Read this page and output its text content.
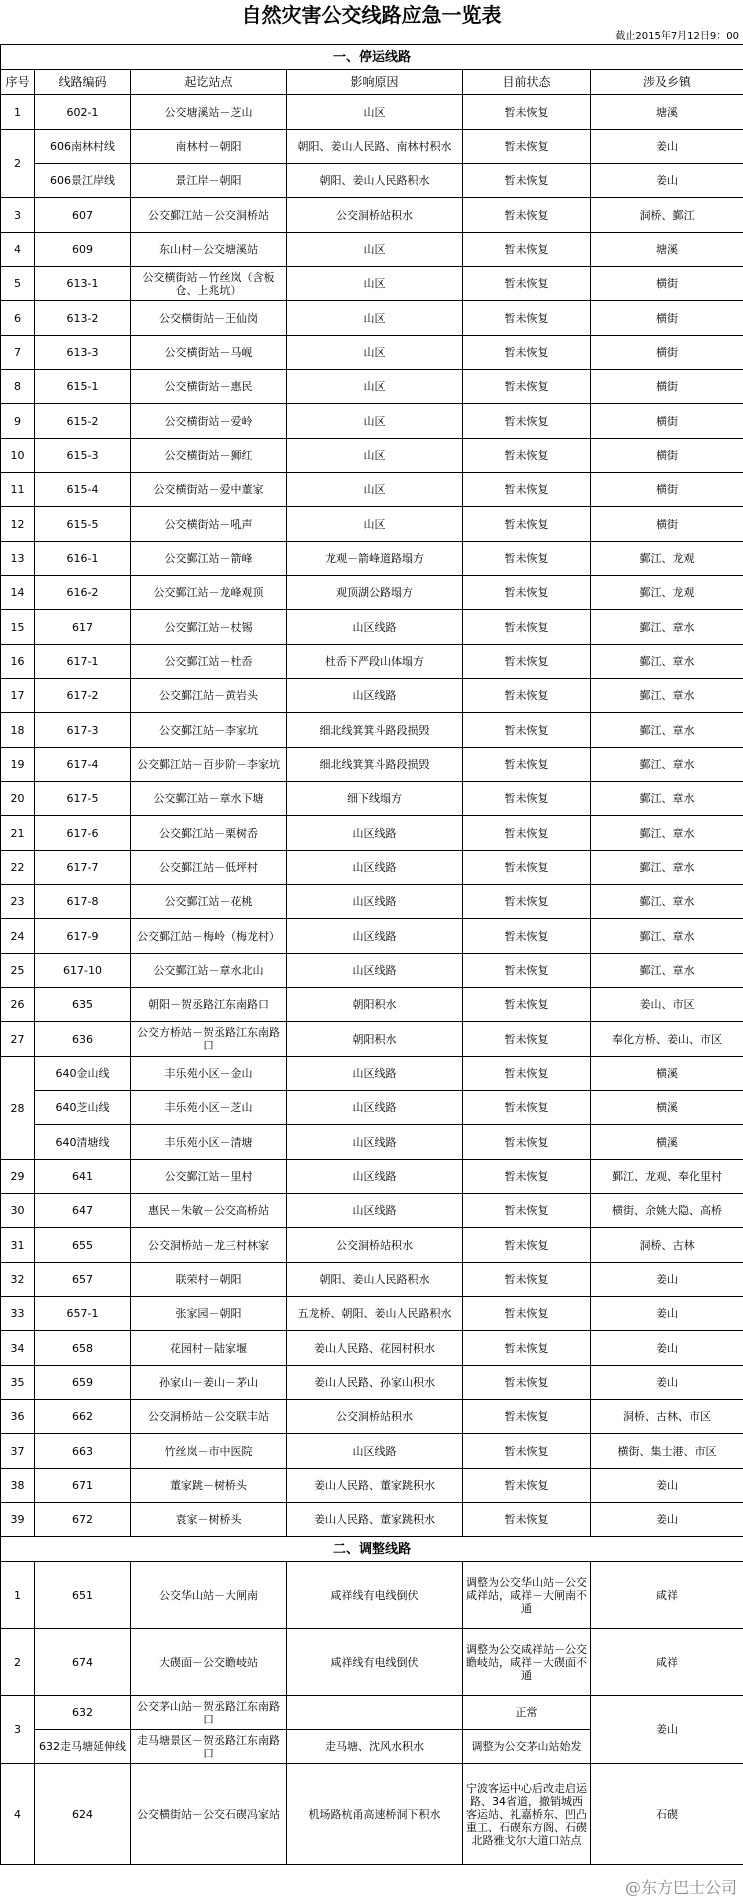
自然灾害公交线路应急一览表
截止2015年7月12日9：00
一、停运线路					
序号	线路编码	起讫站点	影响原因	目前状态	涉及乡镇
1	602-1	公交塘溪站－芝山	山区	暂未恢复	塘溪
2	606南林村线	南林村－朝阳	朝阳、姜山人民路、南林村积水	暂未恢复	姜山
	606景江岸线	景江岸－朝阳	朝阳、姜山人民路积水	暂未恢复	姜山
3	607	公交鄞江站－公交洞桥站	公交洞桥站积水	暂未恢复	洞桥、鄞江
4	609	东山村－公交塘溪站	山区	暂未恢复	塘溪
5	613-1	公交横街站－竹丝岚（含板仓、上兆坑）	山区	暂未恢复	横街
6	613-2	公交横街站－王仙岗	山区	暂未恢复	横街
7	613-3	公交横街站－马岘	山区	暂未恢复	横街
8	615-1	公交横街站－惠民	山区	暂未恢复	横街
9	615-2	公交横街站－爱岭	山区	暂未恢复	横街
10	615-3	公交横街站－狮红	山区	暂未恢复	横街
11	615-4	公交横街站－爱中董家	山区	暂未恢复	横街
12	615-5	公交横街站－吼声	山区	暂未恢复	横街
13	616-1	公交鄞江站－箭峰	龙观－箭峰道路塌方	暂未恢复	鄞江、龙观
14	616-2	公交鄞江站－龙峰观顶	观顶湖公路塌方	暂未恢复	鄞江、龙观
15	617	公交鄞江站－杖锡	山区线路	暂未恢复	鄞江、章水
16	617-1	公交鄞江站－杜岙	杜岙下严段山体塌方	暂未恢复	鄞江、章水
17	617-2	公交鄞江站－黄岩头	山区线路	暂未恢复	鄞江、章水
18	617-3	公交鄞江站－李家坑	细北线箕箕斗路段损毁	暂未恢复	鄞江、章水
19	617-4	公交鄞江站－百步阶－李家坑	细北线箕箕斗路段损毁	暂未恢复	鄞江、章水
20	617-5	公交鄞江站－章水下塘	细下线塌方	暂未恢复	鄞江、章水
21	617-6	公交鄞江站－栗树岙	山区线路	暂未恢复	鄞江、章水
22	617-7	公交鄞江站－低坪村	山区线路	暂未恢复	鄞江、章水
23	617-8	公交鄞江站－花桃	山区线路	暂未恢复	鄞江、章水
24	617-9	公交鄞江站－梅岭（梅龙村）	山区线路	暂未恢复	鄞江、章水
25	617-10	公交鄞江站－章水北山	山区线路	暂未恢复	鄞江、章水
26	635	朝阳－贺丞路江东南路口	朝阳积水	暂未恢复	姜山、市区
27	636	公交方桥站－贺丞路江东南路口	朝阳积水	暂未恢复	奉化方桥、姜山、市区
28	640金山线	丰乐苑小区－金山	山区线路	暂未恢复	横溪
	640芝山线	丰乐苑小区－芝山	山区线路	暂未恢复	横溪
	640清塘线	丰乐苑小区－清塘	山区线路	暂未恢复	横溪
29	641	公交鄞江站－里村	山区线路	暂未恢复	鄞江、龙观、奉化里村
30	647	惠民－朱敏－公交高桥站	山区线路	暂未恢复	横街、余姚大隐、高桥
31	655	公交洞桥站－龙三村林家	公交洞桥站积水	暂未恢复	洞桥、古林
32	657	联荣村－朝阳	朝阳、姜山人民路积水	暂未恢复	姜山
33	657-1	张家园－朝阳	五龙桥、朝阳、姜山人民路积水	暂未恢复	姜山
34	658	花园村－陆家堰	姜山人民路、花园村积水	暂未恢复	姜山
35	659	孙家山－姜山－茅山	姜山人民路、孙家山积水	暂未恢复	姜山
36	662	公交洞桥站－公交联丰站	公交洞桥站积水	暂未恢复	洞桥、古林、市区
37	663	竹丝岚－市中医院	山区线路	暂未恢复	横街、集士港、市区
38	671	董家跳－树桥头	姜山人民路、董家跳积水	暂未恢复	姜山
39	672	袁家－树桥头	姜山人民路、董家跳积水	暂未恢复	姜山
二、调整线路					
1	651	公交华山站－大闸南	咸祥线有电线倒伏	调整为公交华山站－公交咸祥站，咸祥－大闸南不通	咸祥
2	674	大碶面－公交瞻岐站	咸祥线有电线倒伏	调整为公交咸祥站－公交瞻岐站，咸祥－大碶面不通	咸祥
3	632	公交茅山站－贺丞路江东南路口		正常	姜山
	632走马塘延伸线	走马塘景区－贺丞路江东南路口	走马塘、沈风水积水	调整为公交茅山站始发	
4	624	公交横街站－公交石碶冯家站	机场路杭甬高速桥洞下积水	宁波客运中心后改走启运路、34省道，撤销城西客运站、礼嘉桥东、凹凸重工、石碶东方阁、石碶北路雅戈尔大道口站点	石碶
@东方巴士公司
